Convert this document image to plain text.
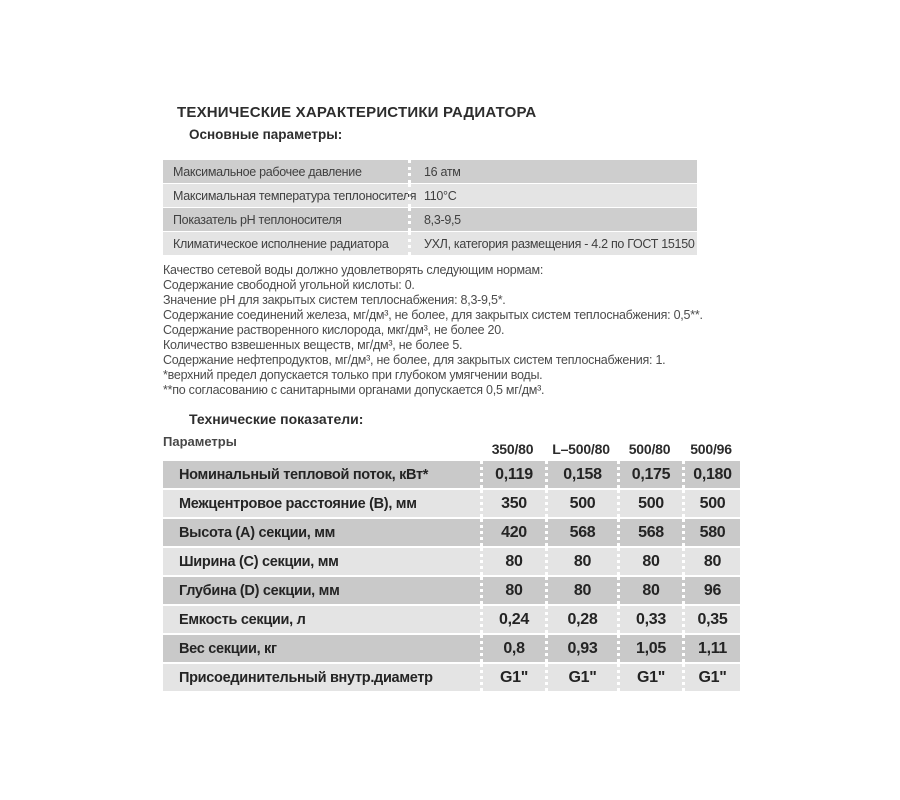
ТЕХНИЧЕСКИЕ ХАРАКТЕРИСТИКИ РАДИАТОРА
Основные параметры:
Максимальное рабочее давление	16 атм
Максимальная температура теплоносителя 110°C
Показатель pH теплоносителя	8,3-9,5
Климатическое исполнение радиатора	УХЛ, категория размещения - 4.2 по ГОСТ 15150
Качество сетевой воды должно удовлетворять следующим нормам:
Содержание свободной угольной кислоты: 0.
Значение pH для закрытых систем теплоснабжения: 8,3-9,5*.
Содержание соединений железа, мг/дм³, не более, для закрытых систем теплоснабжения: 0,5**.
Содержание растворенного кислорода, мкг/дм³, не более 20.
Количество взвешенных веществ, мг/дм³, не более 5.
Содержание нефтепродуктов, мг/дм³, не более, для закрытых систем теплоснабжения: 1.
*верхний предел допускается только при глубоком умягчении воды.
**по согласованию с санитарными органами допускается 0,5 мг/дм³.
Технические показатели:
Параметры	350/80	L–500/80	500/80	500/96
Номинальный тепловой поток, кВт*	0,119	0,158	0,175	0,180
Межцентровое расстояние (B), мм	350	500	500	500
Высота (A) секции, мм	420	568	568	580
Ширина (C) секции, мм	80	80	80	80
Глубина (D) секции, мм	80	80	80	96
Емкость секции, л	0,24	0,28	0,33	0,35
Вес секции, кг	0,8	0,93	1,05	1,11
Присоединительный внутр.диаметр	G1"	G1"	G1"	G1"
